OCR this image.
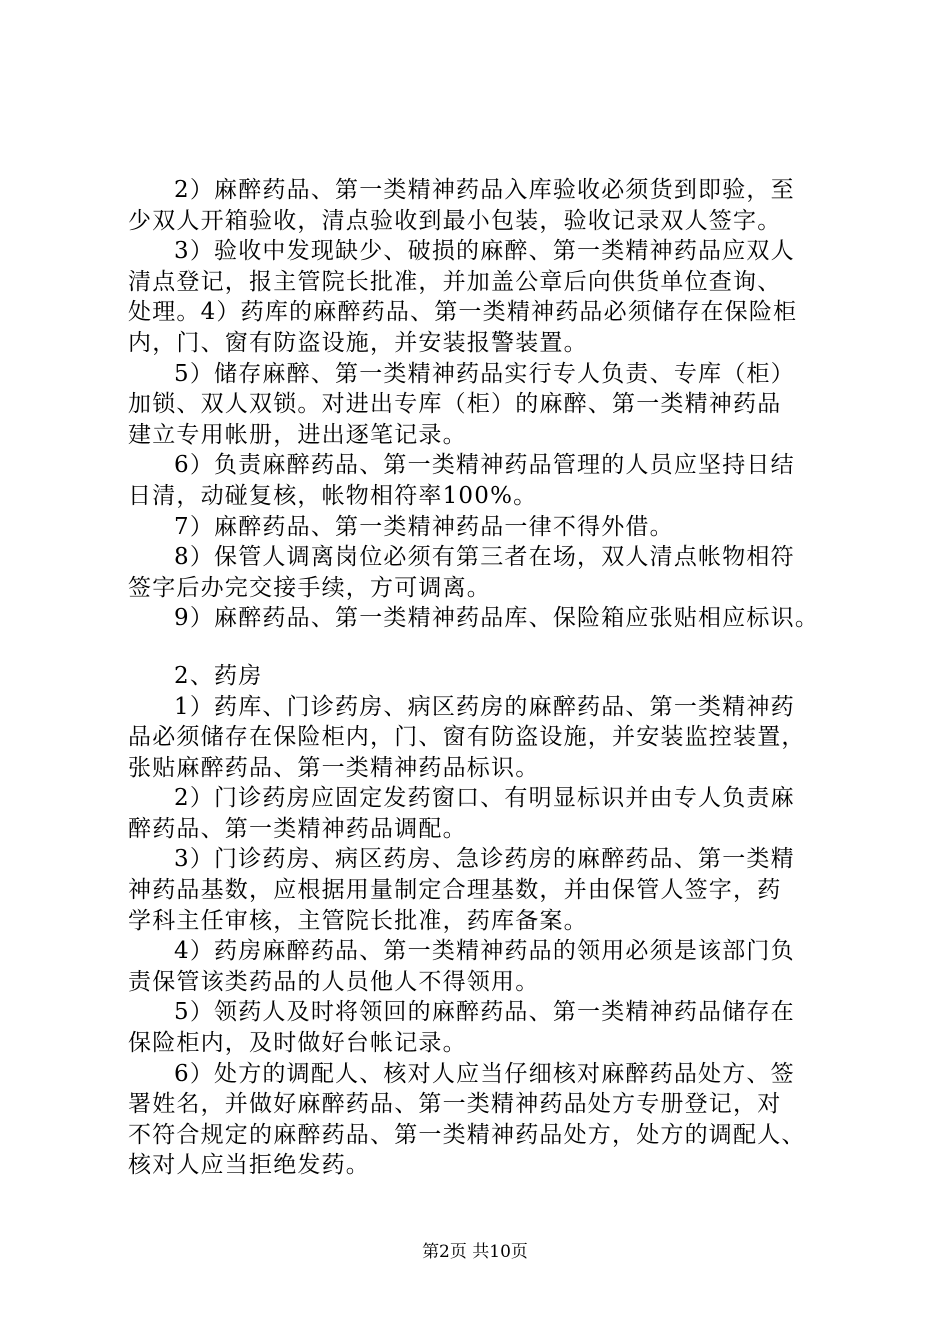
2）麻醉药品、第一类精神药品入库验收必须货到即验，至
少双人开箱验收，清点验收到最小包装，验收记录双人签字。
3）验收中发现缺少、破损的麻醉、第一类精神药品应双人
清点登记，报主管院长批准，并加盖公章后向供货单位查询、
处理。4）药库的麻醉药品、第一类精神药品必须储存在保险柜
内，门、窗有防盗设施，并安装报警装置。
5）储存麻醉、第一类精神药品实行专人负责、专库（柜）
加锁、双人双锁。对进出专库（柜）的麻醉、第一类精神药品
建立专用帐册，进出逐笔记录。
6）负责麻醉药品、第一类精神药品管理的人员应坚持日结
日清，动碰复核，帐物相符率100%。
7）麻醉药品、第一类精神药品一律不得外借。
8）保管人调离岗位必须有第三者在场，双人清点帐物相符
签字后办完交接手续，方可调离。
9）麻醉药品、第一类精神药品库、保险箱应张贴相应标识。
2、药房
1）药库、门诊药房、病区药房的麻醉药品、第一类精神药
品必须储存在保险柜内，门、窗有防盗设施，并安装监控装置，
张贴麻醉药品、第一类精神药品标识。
2）门诊药房应固定发药窗口、有明显标识并由专人负责麻
醉药品、第一类精神药品调配。
3）门诊药房、病区药房、急诊药房的麻醉药品、第一类精
神药品基数，应根据用量制定合理基数，并由保管人签字，药
学科主任审核，主管院长批准，药库备案。
4）药房麻醉药品、第一类精神药品的领用必须是该部门负
责保管该类药品的人员他人不得领用。
5）领药人及时将领回的麻醉药品、第一类精神药品储存在
保险柜内，及时做好台帐记录。
6）处方的调配人、核对人应当仔细核对麻醉药品处方、签
署姓名，并做好麻醉药品、第一类精神药品处方专册登记，对
不符合规定的麻醉药品、第一类精神药品处方，处方的调配人、
核对人应当拒绝发药。
第2页 共10页
